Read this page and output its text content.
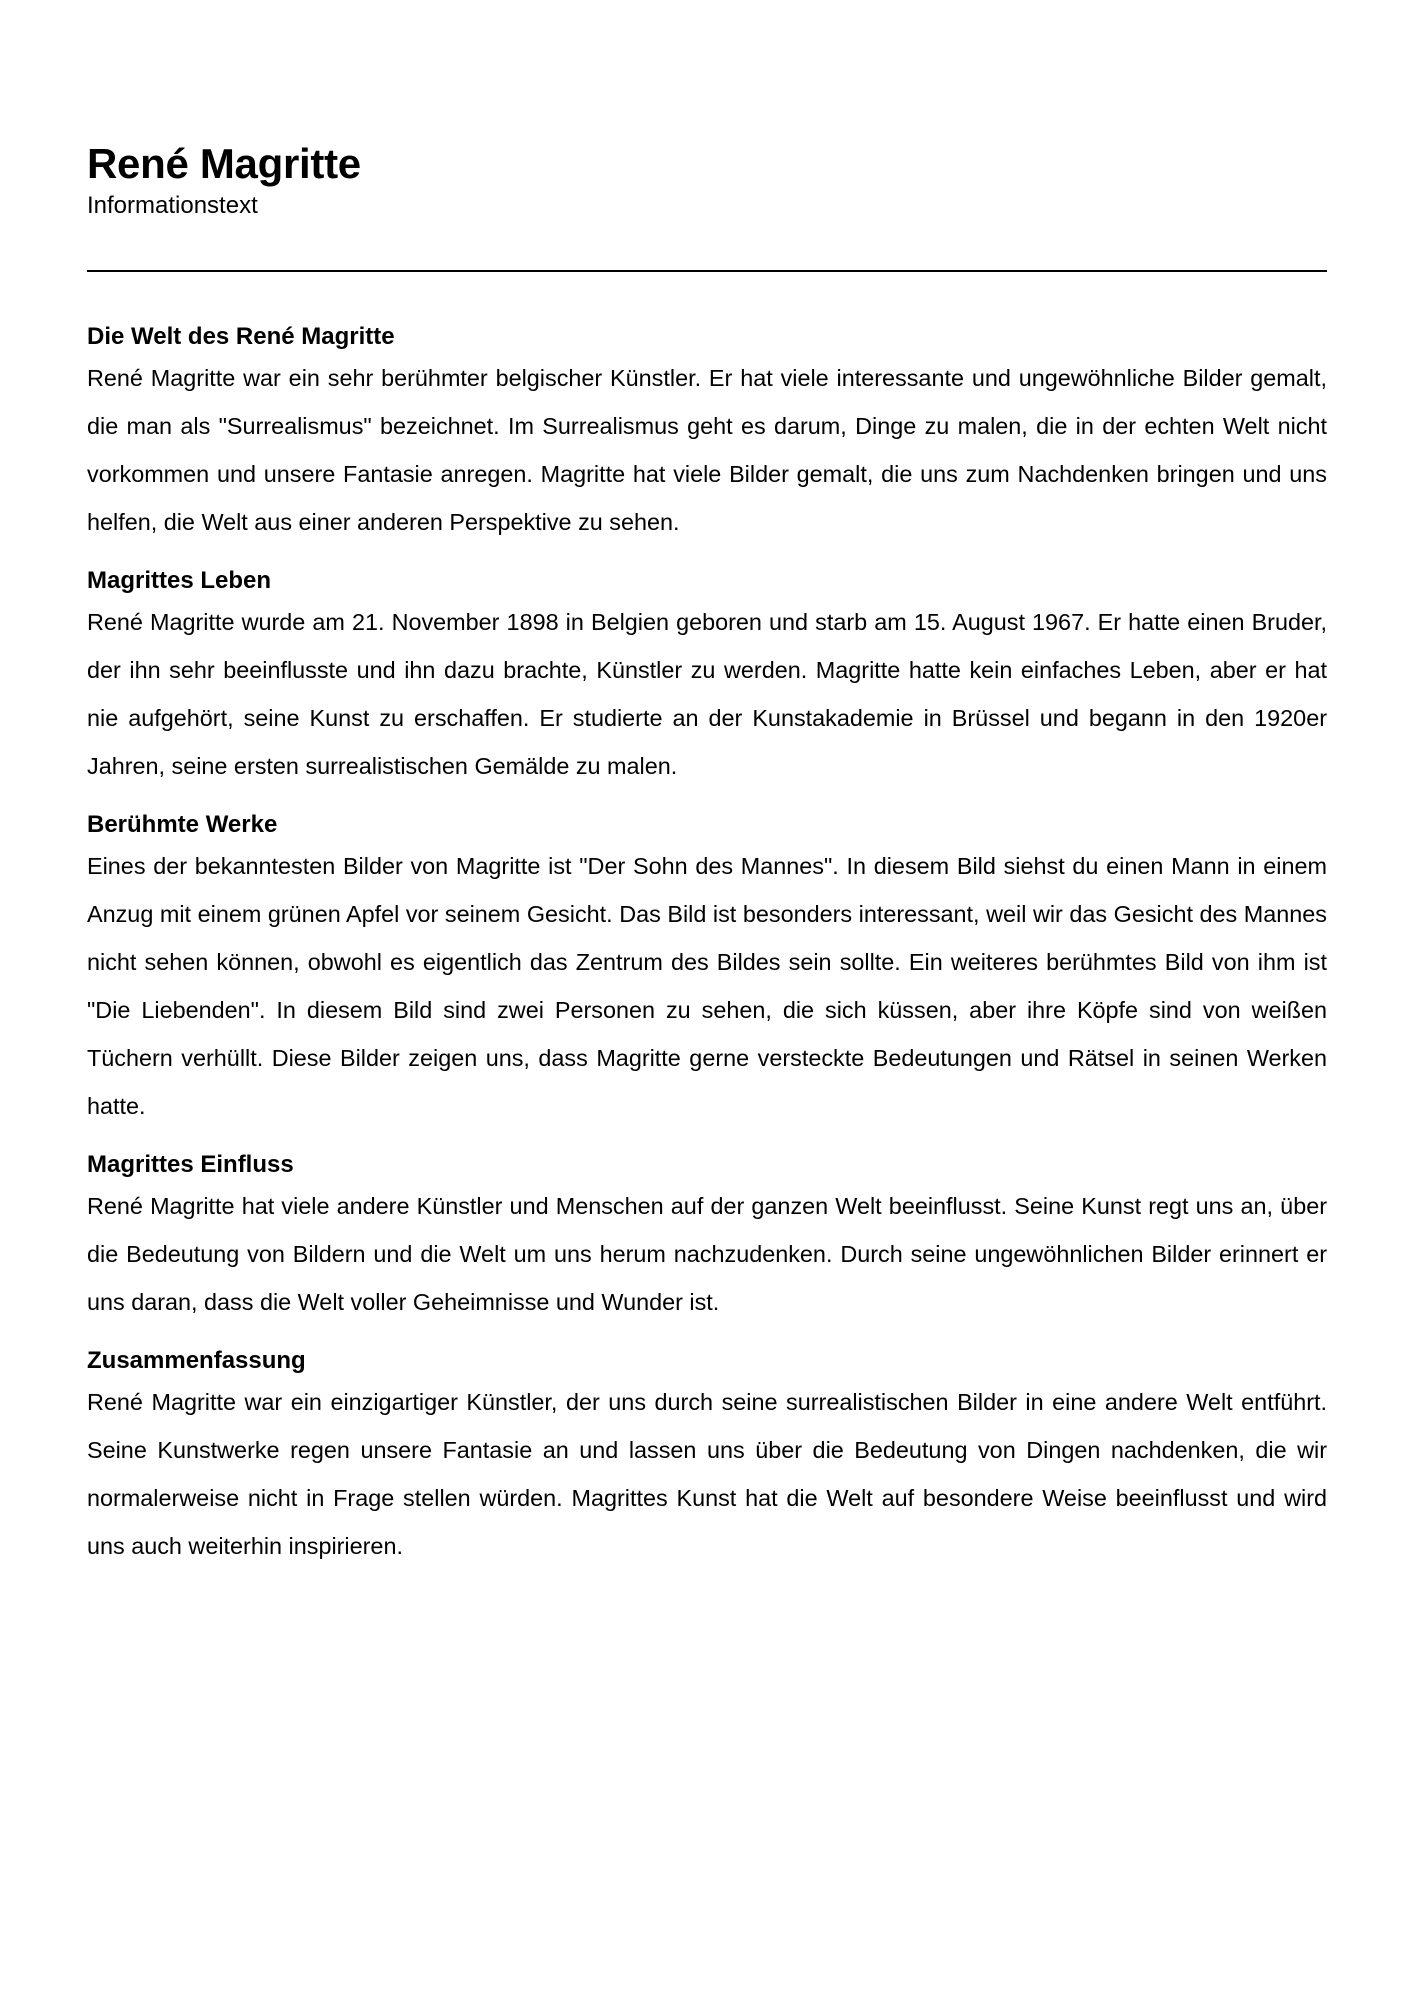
René Magritte

Informationstext

Die Welt des René Magritte

René Magritte war ein sehr berühmter belgischer Künstler. Er hat viele interessante und ungewöhnliche Bilder gemalt, die man als "Surrealismus" bezeichnet. Im Surrealismus geht es darum, Dinge zu malen, die in der echten Welt nicht vorkommen und unsere Fantasie anregen. Magritte hat viele Bilder gemalt, die uns zum Nachdenken bringen und uns helfen, die Welt aus einer anderen Perspektive zu sehen.

Magrittes Leben

René Magritte wurde am 21. November 1898 in Belgien geboren und starb am 15. August 1967. Er hatte einen Bruder, der ihn sehr beeinflusste und ihn dazu brachte, Künstler zu werden. Magritte hatte kein einfaches Leben, aber er hat nie aufgehört, seine Kunst zu erschaffen. Er studierte an der Kunstakademie in Brüssel und begann in den 1920er Jahren, seine ersten surrealistischen Gemälde zu malen.

Berühmte Werke

Eines der bekanntesten Bilder von Magritte ist "Der Sohn des Mannes". In diesem Bild siehst du einen Mann in einem Anzug mit einem grünen Apfel vor seinem Gesicht. Das Bild ist besonders interessant, weil wir das Gesicht des Mannes nicht sehen können, obwohl es eigentlich das Zentrum des Bildes sein sollte. Ein weiteres berühmtes Bild von ihm ist "Die Liebenden". In diesem Bild sind zwei Personen zu sehen, die sich küssen, aber ihre Köpfe sind von weißen Tüchern verhüllt. Diese Bilder zeigen uns, dass Magritte gerne versteckte Bedeutungen und Rätsel in seinen Werken hatte.

Magrittes Einfluss

René Magritte hat viele andere Künstler und Menschen auf der ganzen Welt beeinflusst. Seine Kunst regt uns an, über die Bedeutung von Bildern und die Welt um uns herum nachzudenken. Durch seine ungewöhnlichen Bilder erinnert er uns daran, dass die Welt voller Geheimnisse und Wunder ist.

Zusammenfassung

René Magritte war ein einzigartiger Künstler, der uns durch seine surrealistischen Bilder in eine andere Welt entführt. Seine Kunstwerke regen unsere Fantasie an und lassen uns über die Bedeutung von Dingen nachdenken, die wir normalerweise nicht in Frage stellen würden. Magrittes Kunst hat die Welt auf besondere Weise beeinflusst und wird uns auch weiterhin inspirieren.
